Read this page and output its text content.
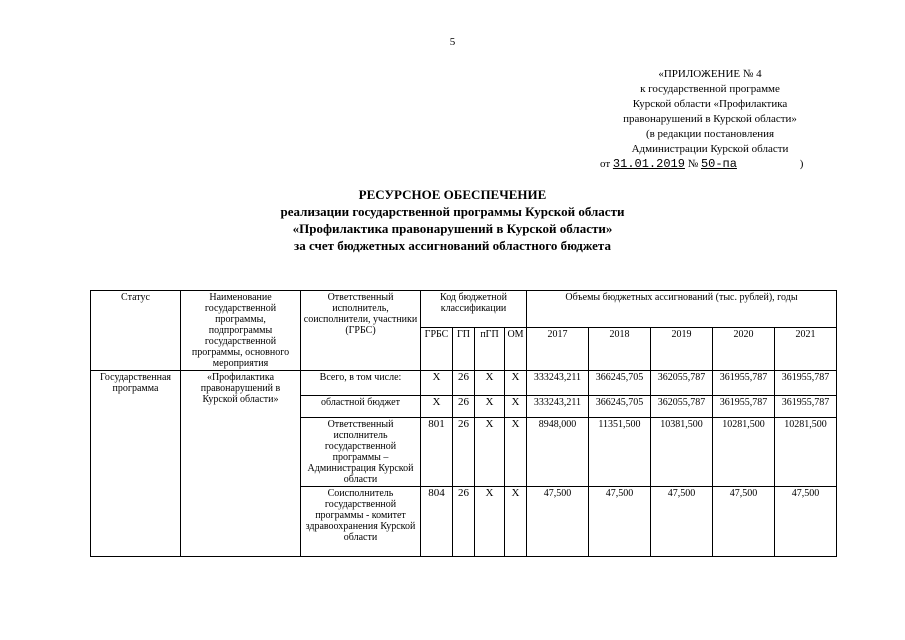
5
«ПРИЛОЖЕНИЕ № 4
к государственной программе
Курской области «Профилактика
правонарушений в Курской области»
(в редакции постановления
Администрации Курской области
от 31.01.2019 № 50-па	)
РЕСУРСНОЕ ОБЕСПЕЧЕНИЕ
реализации государственной программы Курской области
«Профилактика правонарушений в Курской области»
за счет бюджетных ассигнований областного бюджета
Статус	Наименование государственной программы, подпрограммы государственной программы, основного мероприятия	Ответственный исполнитель, соисполнители, участники (ГРБС)	Код бюджетной классификации				Объемы бюджетных ассигнований (тыс. рублей), годы				
			ГРБС	ГП	пГП	ОМ	2017	2018	2019	2020	2021
Государственная программа	«Профилактика правонарушений в Курской области»	Всего, в том числе:	X	26	X	X	333243,211	366245,705	362055,787	361955,787	361955,787
		областной бюджет	X	26	X	X	333243,211	366245,705	362055,787	361955,787	361955,787
		Ответственный исполнитель государственной программы – Администрация Курской области	801	26	X	X	8948,000	11351,500	10381,500	10281,500	10281,500
		Соисполнитель государственной программы - комитет здравоохранения Курской области	804	26	X	X	47,500	47,500	47,500	47,500	47,500
